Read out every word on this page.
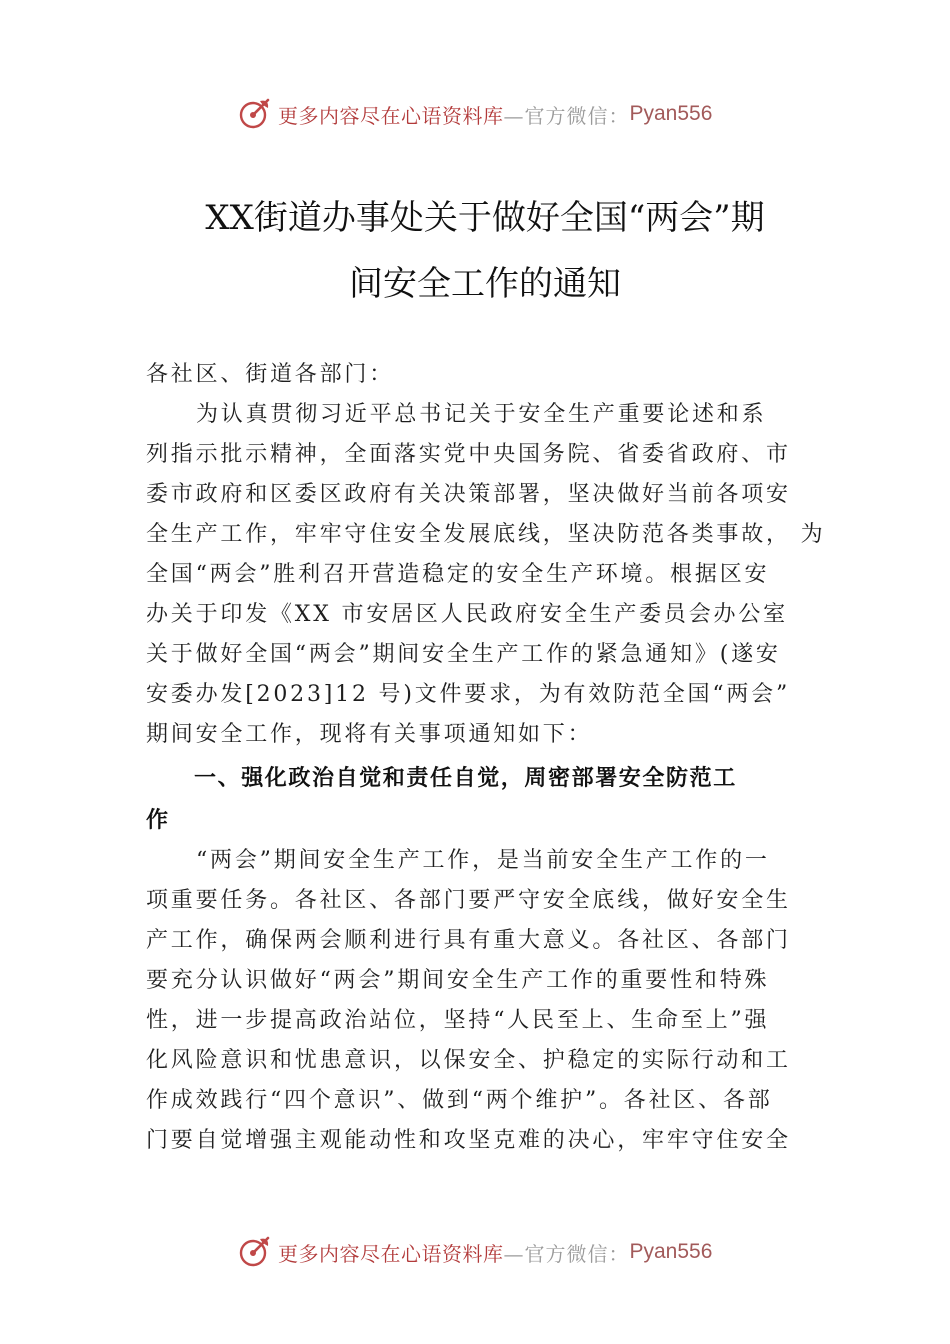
更多内容尽在心语资料库 —官方微信： Pyan556
XX街道办事处关于做好全国“两会”期
间安全工作的通知
各社区、街道各部门：
为认真贯彻习近平总书记关于安全生产重要论述和系
列指示批示精神，全面落实党中央国务院、省委省政府、市
委市政府和区委区政府有关决策部署，坚决做好当前各项安
全生产工作，牢牢守住安全发展底线，坚决防范各类事故， 为
全国“两会”胜利召开营造稳定的安全生产环境。根据区安
办关于印发《XX 市安居区人民政府安全生产委员会办公室
关于做好全国“两会”期间安全生产工作的紧急通知》(遂安
安委办发[2023]12 号)文件要求，为有效防范全国“两会”
期间安全工作，现将有关事项通知如下：
一、强化政治自觉和责任自觉，周密部署安全防范工
作
“两会”期间安全生产工作，是当前安全生产工作的一
项重要任务。各社区、各部门要严守安全底线，做好安全生
产工作，确保两会顺利进行具有重大意义。各社区、各部门
要充分认识做好“两会”期间安全生产工作的重要性和特殊
性，进一步提高政治站位，坚持“人民至上、生命至上”强
化风险意识和忧患意识，以保安全、护稳定的实际行动和工
作成效践行“四个意识”、做到“两个维护”。各社区、各部
门要自觉增强主观能动性和攻坚克难的决心，牢牢守住安全
更多内容尽在心语资料库 —官方微信： Pyan556
